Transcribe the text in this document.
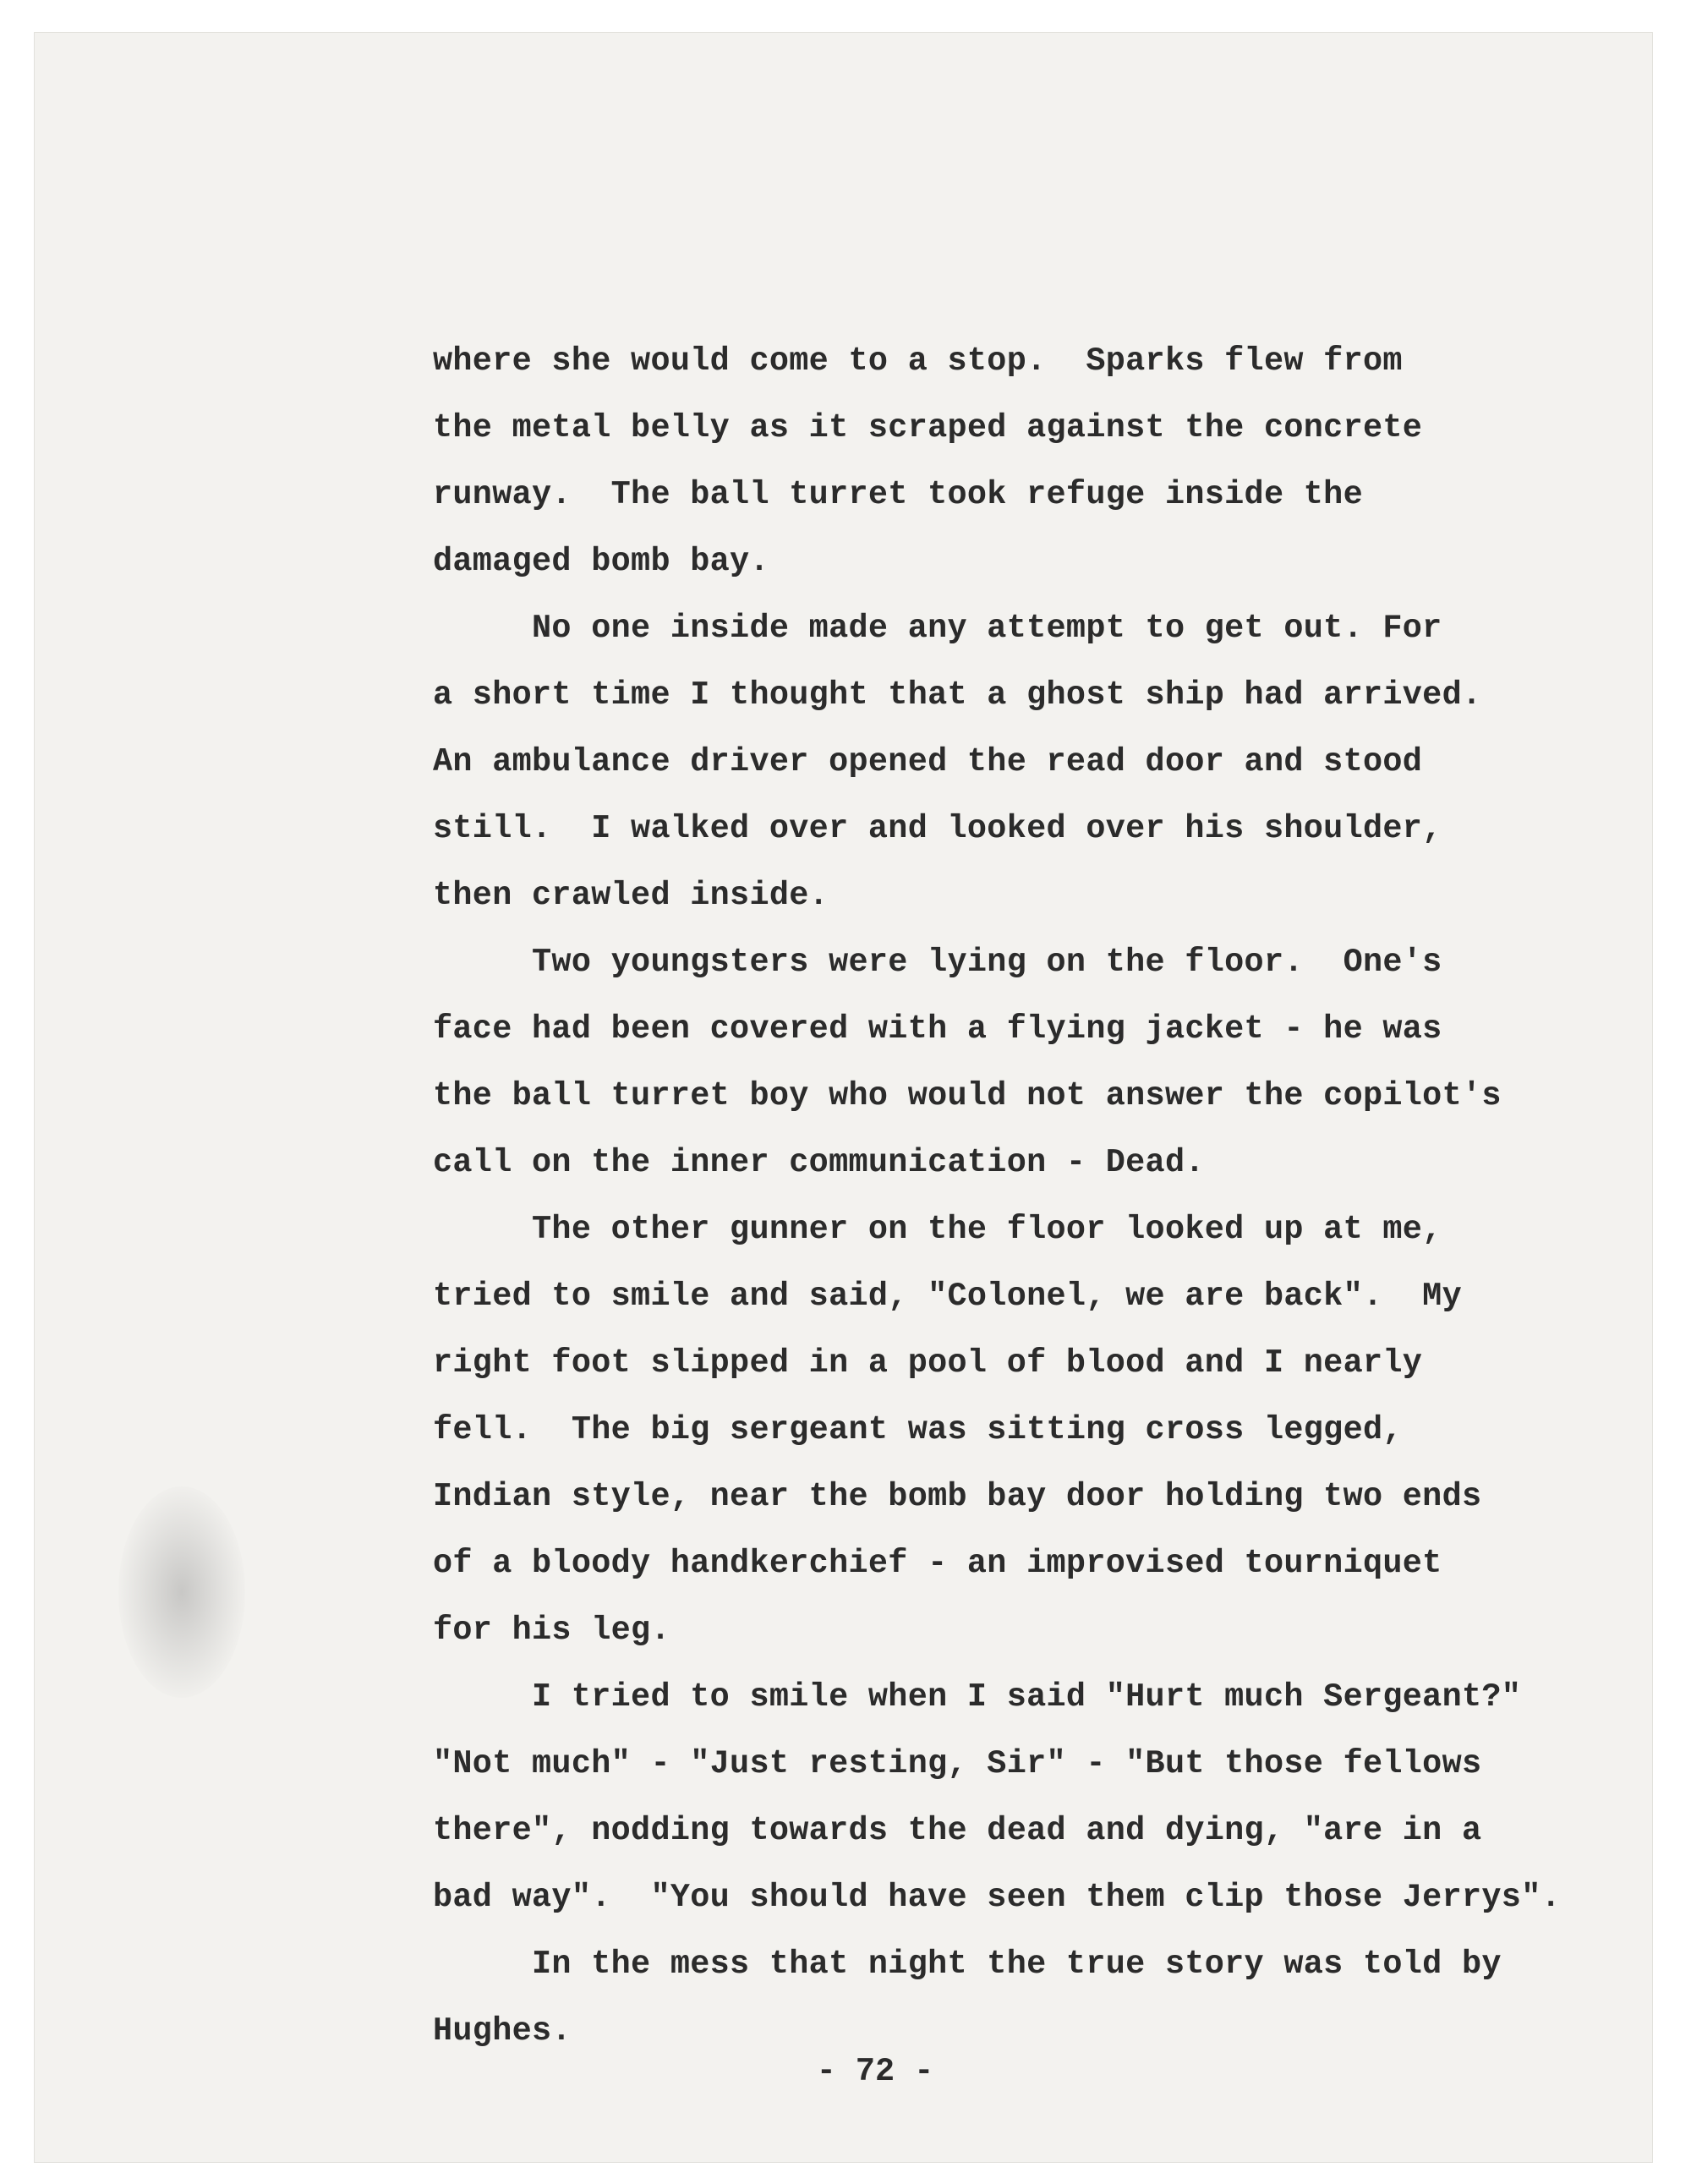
where she would come to a stop.  Sparks flew from
the metal belly as it scraped against the concrete
runway.  The ball turret took refuge inside the
damaged bomb bay.
No one inside made any attempt to get out. For
a short time I thought that a ghost ship had arrived.
An ambulance driver opened the read door and stood
still.  I walked over and looked over his shoulder,
then crawled inside.
Two youngsters were lying on the floor.  One's
face had been covered with a flying jacket - he was
the ball turret boy who would not answer the copilot's
call on the inner communication - Dead.
The other gunner on the floor looked up at me,
tried to smile and said, "Colonel, we are back".  My
right foot slipped in a pool of blood and I nearly
fell.  The big sergeant was sitting cross legged,
Indian style, near the bomb bay door holding two ends
of a bloody handkerchief - an improvised tourniquet
for his leg.
I tried to smile when I said "Hurt much Sergeant?"
"Not much" - "Just resting, Sir" - "But those fellows
there", nodding towards the dead and dying, "are in a
bad way".  "You should have seen them clip those Jerrys".
In the mess that night the true story was told by
Hughes.
- 72 -
